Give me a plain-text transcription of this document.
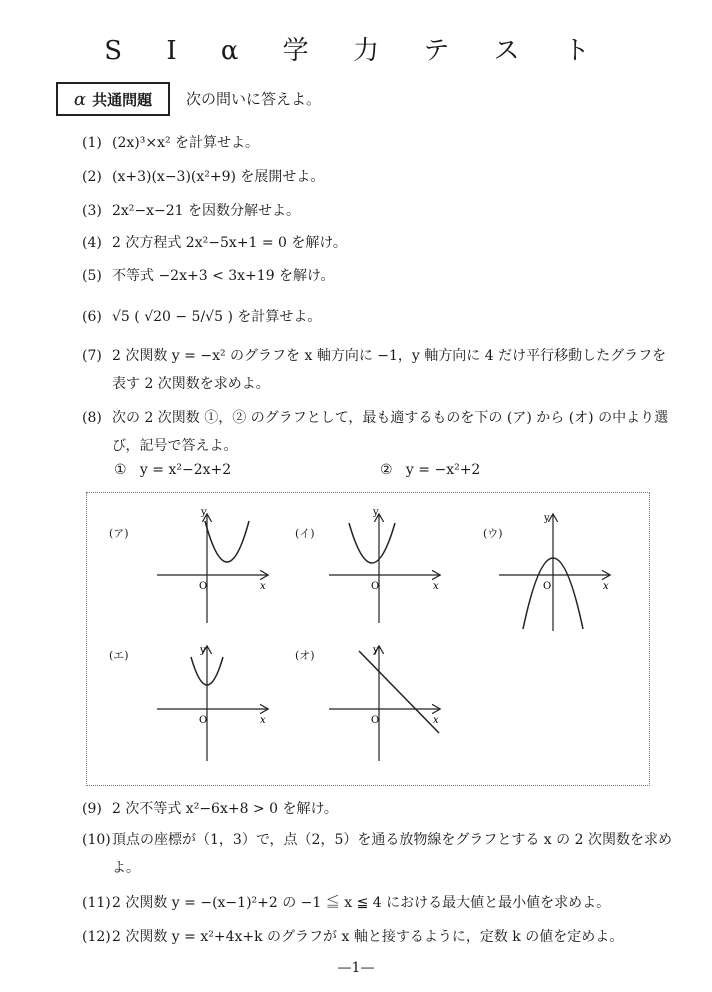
S I α 学 力 テ ス ト
α 共通問題 次の問いに答えよ。
(1) (2x)³×x² を計算せよ。
(2) (x+3)(x−3)(x²+9) を展開せよ。
(3) 2x²−x−21 を因数分解せよ。
(4) 2 次方程式 2x²−5x+1 = 0 を解け。
(5) 不等式 −2x+3 < 3x+19 を解け。
(6) √5 ( √20 − 5/√5 ) を計算せよ。
(7) 2 次関数 y = −x² のグラフを x 軸方向に −1，y 軸方向に 4 だけ平行移動したグラフを表す 2 次関数を求めよ。
(8) 次の 2 次関数 ①，② のグラフとして，最も適するものを下の (ア) から (オ) の中より選び，記号で答えよ。
① y = x²−2x+2	② y = −x²+2
y
x
O
y
x
O
y
x
O
y
x
O
y
x
O
(ア)	(イ)	(ウ)
(エ)	(オ)
(9) 2 次不等式 x²−6x+8 > 0 を解け。
(10) 頂点の座標が（1，3）で，点（2，5）を通る放物線をグラフとする x の 2 次関数を求めよ。
(11)2 次関数 y = −(x−1)²+2 の −1 ≦ x ≦ 4 における最大値と最小値を求めよ。
(12)2 次関数 y = x²+4x+k のグラフが x 軸と接するように，定数 k の値を定めよ。
—1—
